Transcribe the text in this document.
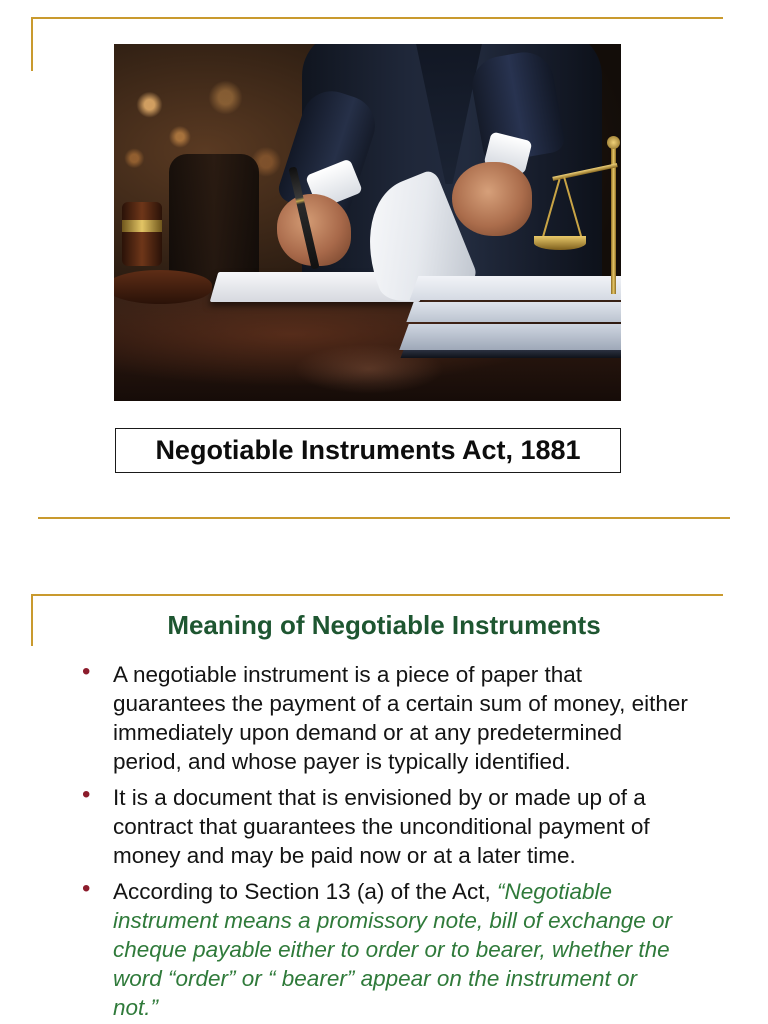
Negotiable Instruments Act, 1881
Meaning of Negotiable Instruments
• A negotiable instrument is a piece of paper that
guarantees the payment of a certain sum of money, either
immediately upon demand or at any predetermined
period, and whose payer is typically identified.
• It is a document that is envisioned by or made up of a
contract that guarantees the unconditional payment of
money and may be paid now or at a later time.
• According to Section 13 (a) of the Act, “Negotiable
instrument means a promissory note, bill of exchange or
cheque payable either to order or to bearer, whether the
word “order” or “ bearer” appear on the instrument or
not.”
